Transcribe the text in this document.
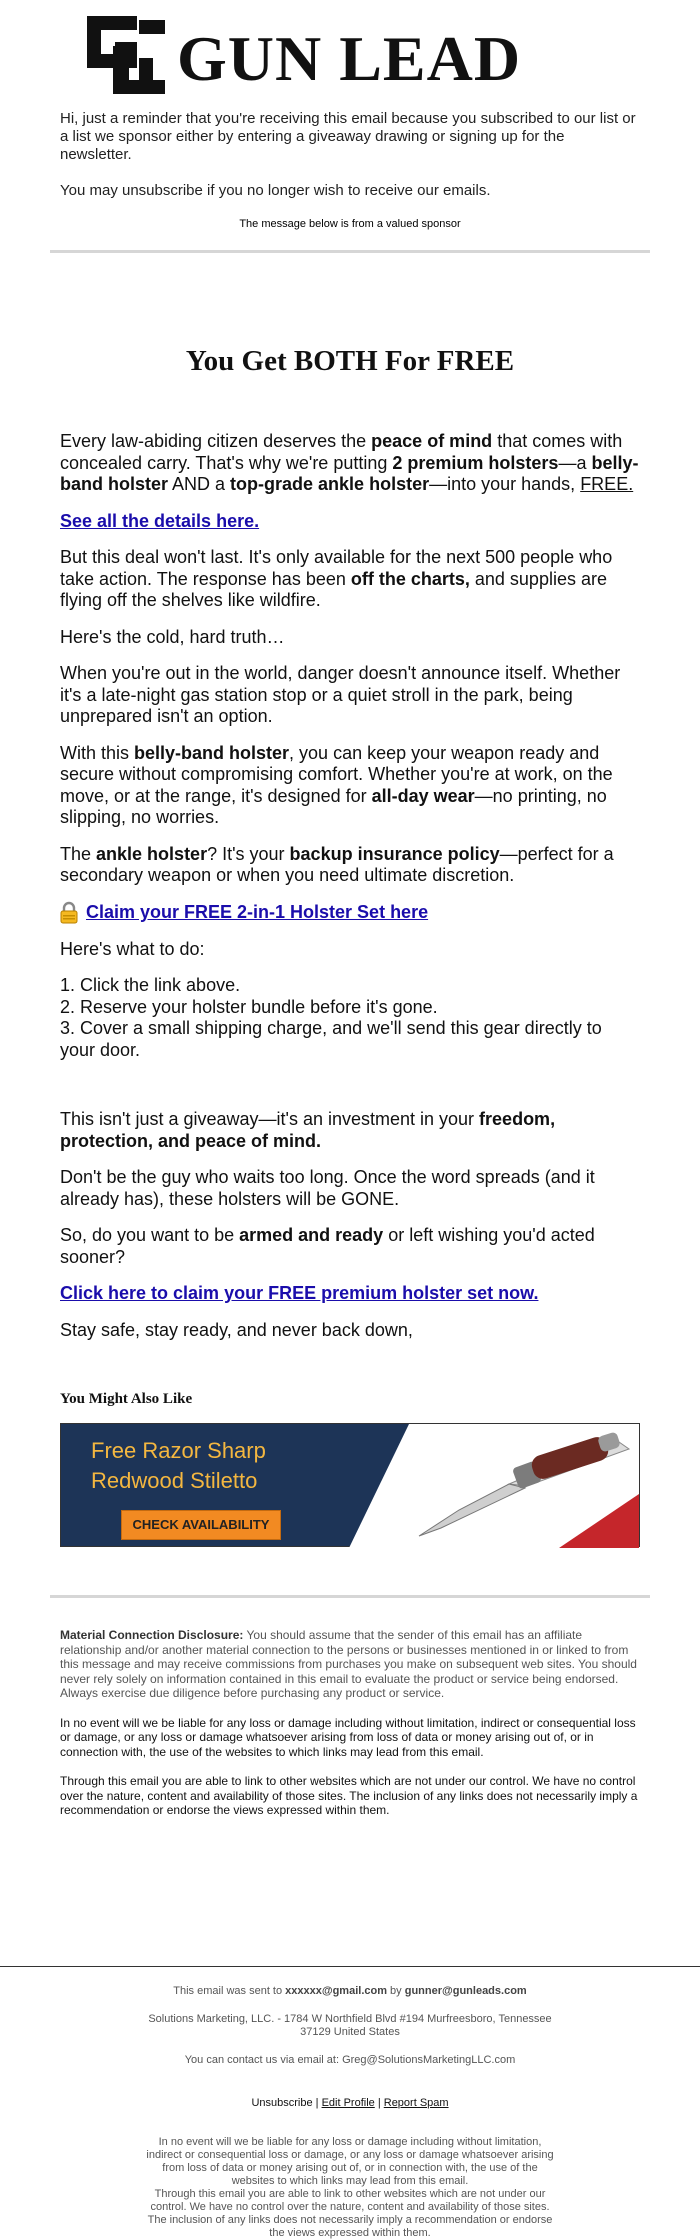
GUN LEAD

Hi, just a reminder that you're receiving this email because you subscribed to our list or a list we sponsor either by entering a giveaway drawing or signing up for the newsletter.

You may unsubscribe if you no longer wish to receive our emails.

The message below is from a valued sponsor
You Get BOTH For FREE

Every law-abiding citizen deserves the peace of mind that comes with concealed carry. That's why we're putting 2 premium holsters—a belly-band holster AND a top-grade ankle holster—into your hands, FREE.

See all the details here.

But this deal won't last. It's only available for the next 500 people who take action. The response has been off the charts, and supplies are flying off the shelves like wildfire.

Here's the cold, hard truth…

When you're out in the world, danger doesn't announce itself. Whether it's a late-night gas station stop or a quiet stroll in the park, being unprepared isn't an option.

With this belly-band holster, you can keep your weapon ready and secure without compromising comfort. Whether you're at work, on the move, or at the range, it's designed for all-day wear—no printing, no slipping, no worries.

The ankle holster? It's your backup insurance policy—perfect for a secondary weapon or when you need ultimate discretion.

Claim your FREE 2-in-1 Holster Set here

Here's what to do:

1. Click the link above.
2. Reserve your holster bundle before it's gone.
3. Cover a small shipping charge, and we'll send this gear directly to your door.

This isn't just a giveaway—it's an investment in your freedom, protection, and peace of mind.

Don't be the guy who waits too long. Once the word spreads (and it already has), these holsters will be GONE.

So, do you want to be armed and ready or left wishing you'd acted sooner?

Click here to claim your FREE premium holster set now.

Stay safe, stay ready, and never back down,

You Might Also Like
Free Razor Sharp
Redwood Stiletto
CHECK AVAILABILITY

Material Connection Disclosure: You should assume that the sender of this email has an affiliate relationship and/or another material connection to the persons or businesses mentioned in or linked to from this message and may receive commissions from purchases you make on subsequent web sites. You should never rely solely on information contained in this email to evaluate the product or service being endorsed. Always exercise due diligence before purchasing any product or service.

In no event will we be liable for any loss or damage including without limitation, indirect or consequential loss or damage, or any loss or damage whatsoever arising from loss of data or money arising out of, or in connection with, the use of the websites to which links may lead from this email.

Through this email you are able to link to other websites which are not under our control. We have no control over the nature, content and availability of those sites. The inclusion of any links does not necessarily imply a recommendation or endorse the views expressed within them.

This email was sent to xxxxxx@gmail.com by gunner@gunleads.com

Solutions Marketing, LLC. - 1784 W Northfield Blvd #194 Murfreesboro, Tennessee
37129 United States

You can contact us via email at: Greg@SolutionsMarketingLLC.com

Unsubscribe | Edit Profile | Report Spam

In no event will we be liable for any loss or damage including without limitation, indirect or consequential loss or damage, or any loss or damage whatsoever arising from loss of data or money arising out of, or in connection with, the use of the websites to which links may lead from this email.

Through this email you are able to link to other websites which are not under our control. We have no control over the nature, content and availability of those sites. The inclusion of any links does not necessarily imply a recommendation or endorse the views expressed within them.
